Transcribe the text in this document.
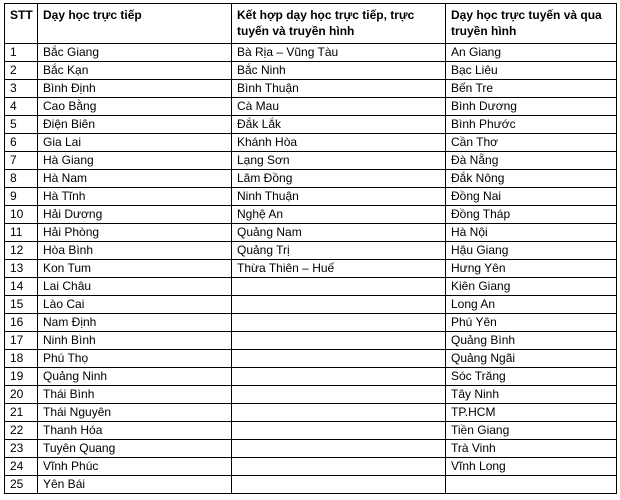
STT	Dạy học trực tiếp	Kết hợp dạy học trực tiếp, trực tuyến và truyền hình	Dạy học trực tuyến và qua truyền hình
1	Bắc Giang	Bà Rịa – Vũng Tàu	An Giang
2	Bắc Kạn	Bắc Ninh	Bạc Liêu
3	Bình Định	Bình Thuận	Bến Tre
4	Cao Bằng	Cà Mau	Bình Dương
5	Điện Biên	Đắk Lắk	Bình Phước
6	Gia Lai	Khánh Hòa	Cần Thơ
7	Hà Giang	Lạng Sơn	Đà Nẵng
8	Hà Nam	Lâm Đồng	Đắk Nông
9	Hà Tĩnh	Ninh Thuận	Đồng Nai
10	Hải Dương	Nghệ An	Đồng Tháp
11	Hải Phòng	Quảng Nam	Hà Nội
12	Hòa Bình	Quảng Trị	Hậu Giang
13	Kon Tum	Thừa Thiên – Huế	Hưng Yên
14	Lai Châu		Kiên Giang
15	Lào Cai		Long An
16	Nam Định		Phú Yên
17	Ninh Bình		Quảng Bình
18	Phú Thọ		Quảng Ngãi
19	Quảng Ninh		Sóc Trăng
20	Thái Bình		Tây Ninh
21	Thái Nguyên		TP.HCM
22	Thanh Hóa		Tiền Giang
23	Tuyên Quang		Trà Vinh
24	Vĩnh Phúc		Vĩnh Long
25	Yên Bái		
